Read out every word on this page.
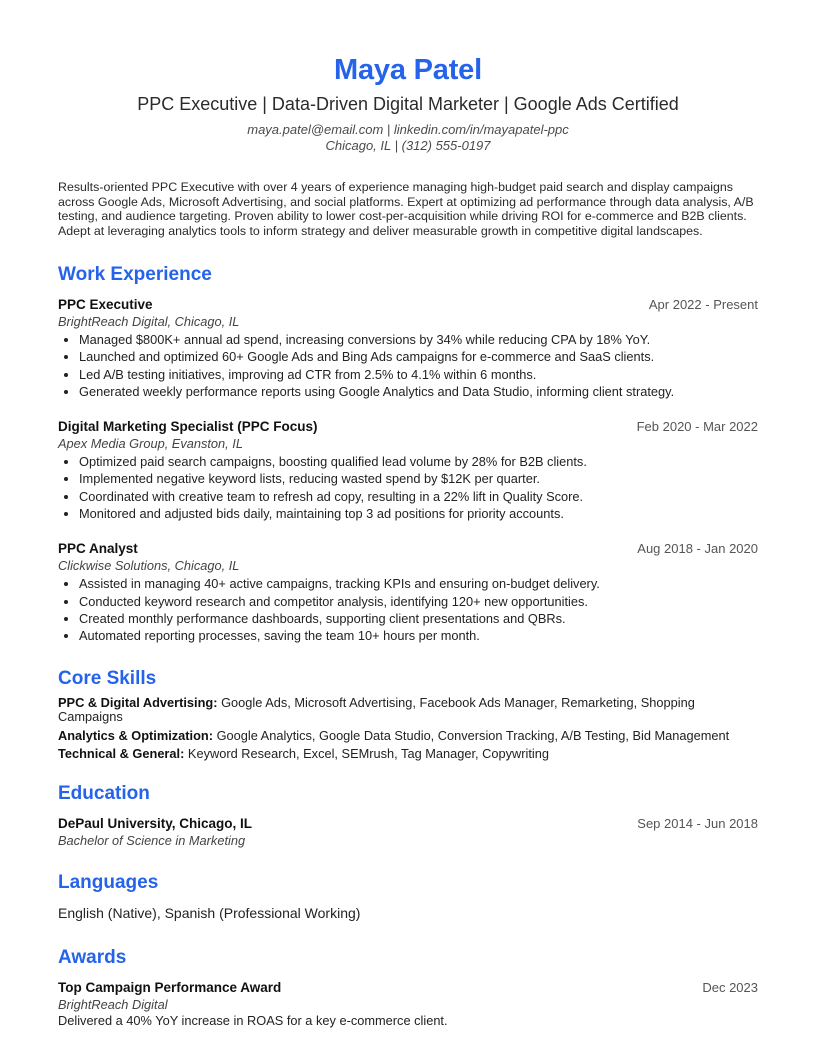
Maya Patel
PPC Executive | Data-Driven Digital Marketer | Google Ads Certified
maya.patel@email.com | linkedin.com/in/mayapatel-ppc
Chicago, IL | (312) 555-0197
Results-oriented PPC Executive with over 4 years of experience managing high-budget paid search and display campaigns across Google Ads, Microsoft Advertising, and social platforms. Expert at optimizing ad performance through data analysis, A/B testing, and audience targeting. Proven ability to lower cost-per-acquisition while driving ROI for e-commerce and B2B clients. Adept at leveraging analytics tools to inform strategy and deliver measurable growth in competitive digital landscapes.
Work Experience
PPC Executive	Apr 2022 - Present
BrightReach Digital, Chicago, IL
• Managed $800K+ annual ad spend, increasing conversions by 34% while reducing CPA by 18% YoY.
• Launched and optimized 60+ Google Ads and Bing Ads campaigns for e-commerce and SaaS clients.
• Led A/B testing initiatives, improving ad CTR from 2.5% to 4.1% within 6 months.
• Generated weekly performance reports using Google Analytics and Data Studio, informing client strategy.
Digital Marketing Specialist (PPC Focus)	Feb 2020 - Mar 2022
Apex Media Group, Evanston, IL
• Optimized paid search campaigns, boosting qualified lead volume by 28% for B2B clients.
• Implemented negative keyword lists, reducing wasted spend by $12K per quarter.
• Coordinated with creative team to refresh ad copy, resulting in a 22% lift in Quality Score.
• Monitored and adjusted bids daily, maintaining top 3 ad positions for priority accounts.
PPC Analyst	Aug 2018 - Jan 2020
Clickwise Solutions, Chicago, IL
• Assisted in managing 40+ active campaigns, tracking KPIs and ensuring on-budget delivery.
• Conducted keyword research and competitor analysis, identifying 120+ new opportunities.
• Created monthly performance dashboards, supporting client presentations and QBRs.
• Automated reporting processes, saving the team 10+ hours per month.
Core Skills
PPC & Digital Advertising: Google Ads, Microsoft Advertising, Facebook Ads Manager, Remarketing, Shopping Campaigns
Analytics & Optimization: Google Analytics, Google Data Studio, Conversion Tracking, A/B Testing, Bid Management
Technical & General: Keyword Research, Excel, SEMrush, Tag Manager, Copywriting
Education
DePaul University, Chicago, IL	Sep 2014 - Jun 2018
Bachelor of Science in Marketing
Languages
English (Native), Spanish (Professional Working)
Awards
Top Campaign Performance Award	Dec 2023
BrightReach Digital
Delivered a 40% YoY increase in ROAS for a key e-commerce client.
